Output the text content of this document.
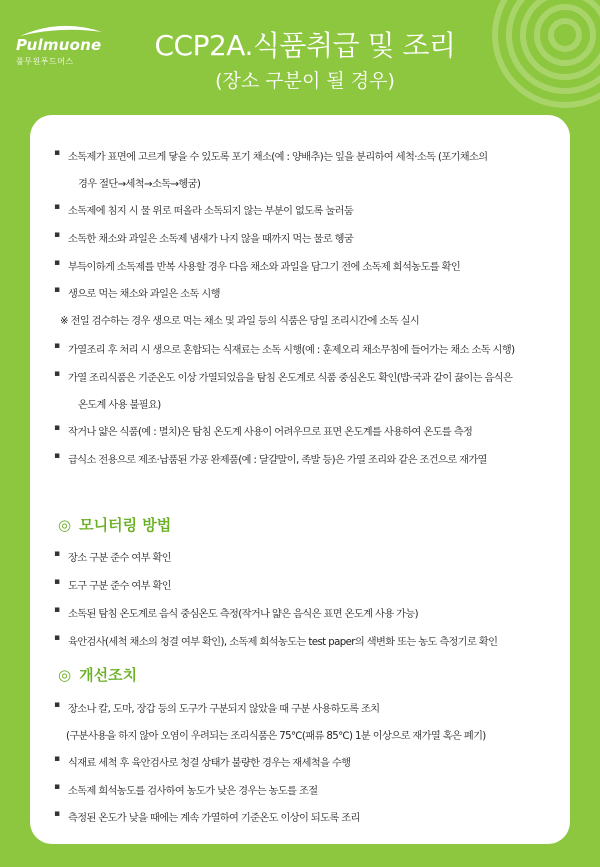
Pulmuone
풀무원푸드머스	CCP2A.식품취급 및 조리
(장소 구분이 될 경우)
▪ 소독제가 표면에 고르게 닿을 수 있도록 포기 채소(예 : 양배추)는 잎을 분리하여 세척·소독 (포기채소의
경우 절단→세척→소독→헹굼)
▪ 소독제에 침지 시 물 위로 떠올라 소독되지 않는 부분이 없도록 눌러둠
▪ 소독한 채소와 과일은 소독제 냄새가 나지 않을 때까지 먹는 물로 헹굼
▪ 부득이하게 소독제를 반복 사용할 경우 다음 채소와 과일을 담그기 전에 소독제 희석농도를 확인
▪ 생으로 먹는 채소와 과일은 소독 시행
※ 전일 검수하는 경우 생으로 먹는 채소 및 과일 등의 식품은 당일 조리시간에 소독 실시
▪ 가열조리 후 처리 시 생으로 혼합되는 식재료는 소독 시행(예 : 훈제오리 채소무침에 들어가는 채소 소독 시행)
▪ 가열 조리식품은 기준온도 이상 가열되었음을 탐침 온도계로 식품 중심온도 확인(밥·국과 같이 끓이는 음식은
온도계 사용 불필요)
▪ 작거나 얇은 식품(예 : 멸치)은 탐침 온도계 사용이 어려우므로 표면 온도계를 사용하여 온도를 측정
▪ 급식소 전용으로 제조·납품된 가공 완제품(예 : 달걀말이, 족발 등)은 가열 조리와 같은 조건으로 재가열
◎ 모니터링 방법
▪ 장소 구분 준수 여부 확인
▪ 도구 구분 준수 여부 확인
▪ 소독된 탐침 온도계로 음식 중심온도 측정(작거나 얇은 음식은 표면 온도계 사용 가능)
▪ 육안검사(세척 채소의 청결 여부 확인), 소독제 희석농도는 test paper의 색변화 또는 농도 측정기로 확인
◎ 개선조치
▪ 장소나 칼, 도마, 장갑 등의 도구가 구분되지 않았을 때 구분 사용하도록 조치
(구분사용을 하지 않아 오염이 우려되는 조리식품은 75℃(패류 85℃) 1분 이상으로 재가열 혹은 폐기)
▪ 식재료 세척 후 육안검사로 청결 상태가 불량한 경우는 재세척을 수행
▪ 소독제 희석농도를 검사하여 농도가 낮은 경우는 농도를 조절
▪ 측정된 온도가 낮을 때에는 계속 가열하여 기준온도 이상이 되도록 조리
